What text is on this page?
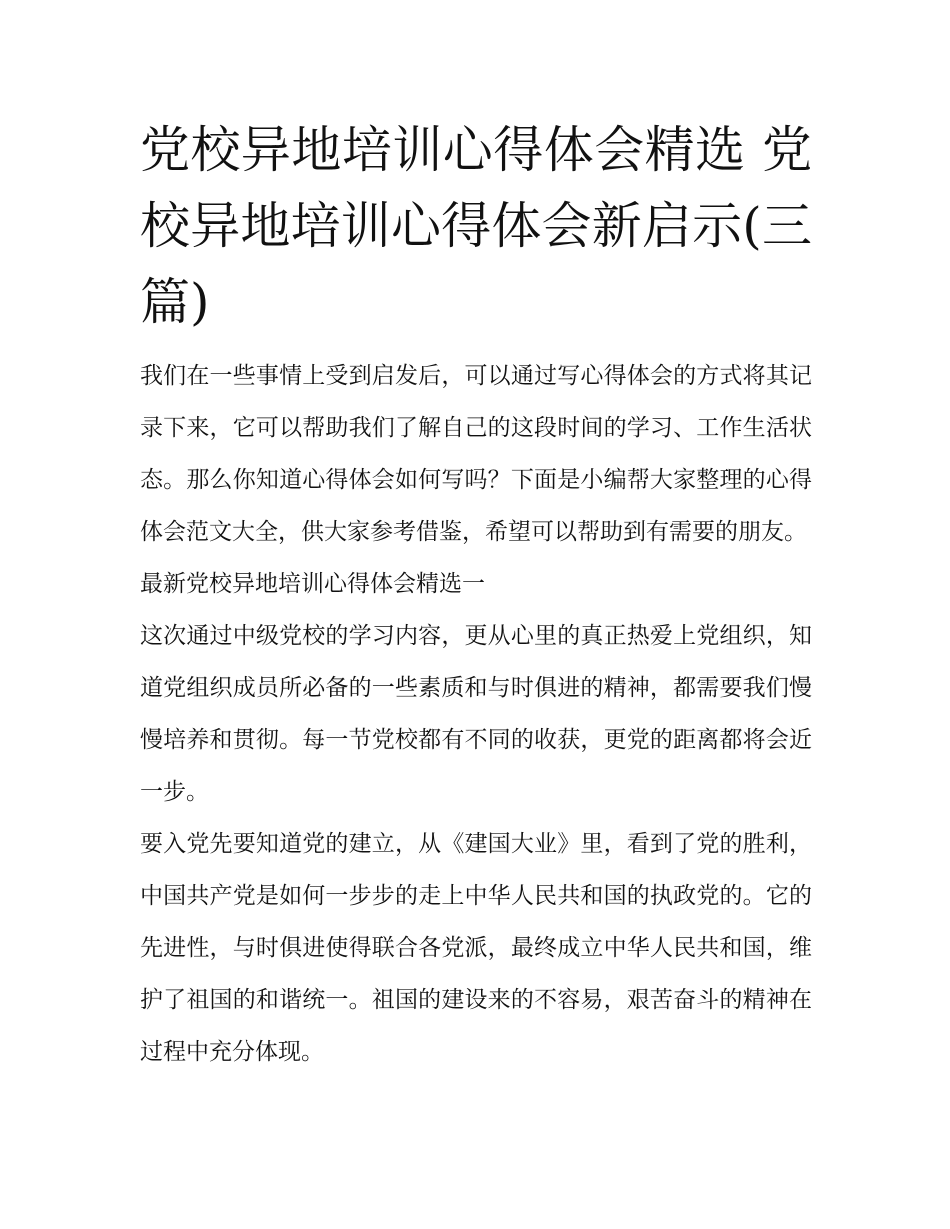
党校异地培训心得体会精选 党校异地培训心得体会新启示(三篇)

我们在一些事情上受到启发后，可以通过写心得体会的方式将其记录下来，它可以帮助我们了解自己的这段时间的学习、工作生活状态。那么你知道心得体会如何写吗？下面是小编帮大家整理的心得体会范文大全，供大家参考借鉴，希望可以帮助到有需要的朋友。

最新党校异地培训心得体会精选一

这次通过中级党校的学习内容，更从心里的真正热爱上党组织，知道党组织成员所必备的一些素质和与时俱进的精神，都需要我们慢慢培养和贯彻。每一节党校都有不同的收获，更党的距离都将会近一步。

要入党先要知道党的建立，从《建国大业》里，看到了党的胜利，中国共产党是如何一步步的走上中华人民共和国的执政党的。它的先进性，与时俱进使得联合各党派，最终成立中华人民共和国，维护了祖国的和谐统一。祖国的建设来的不容易，艰苦奋斗的精神在过程中充分体现。
